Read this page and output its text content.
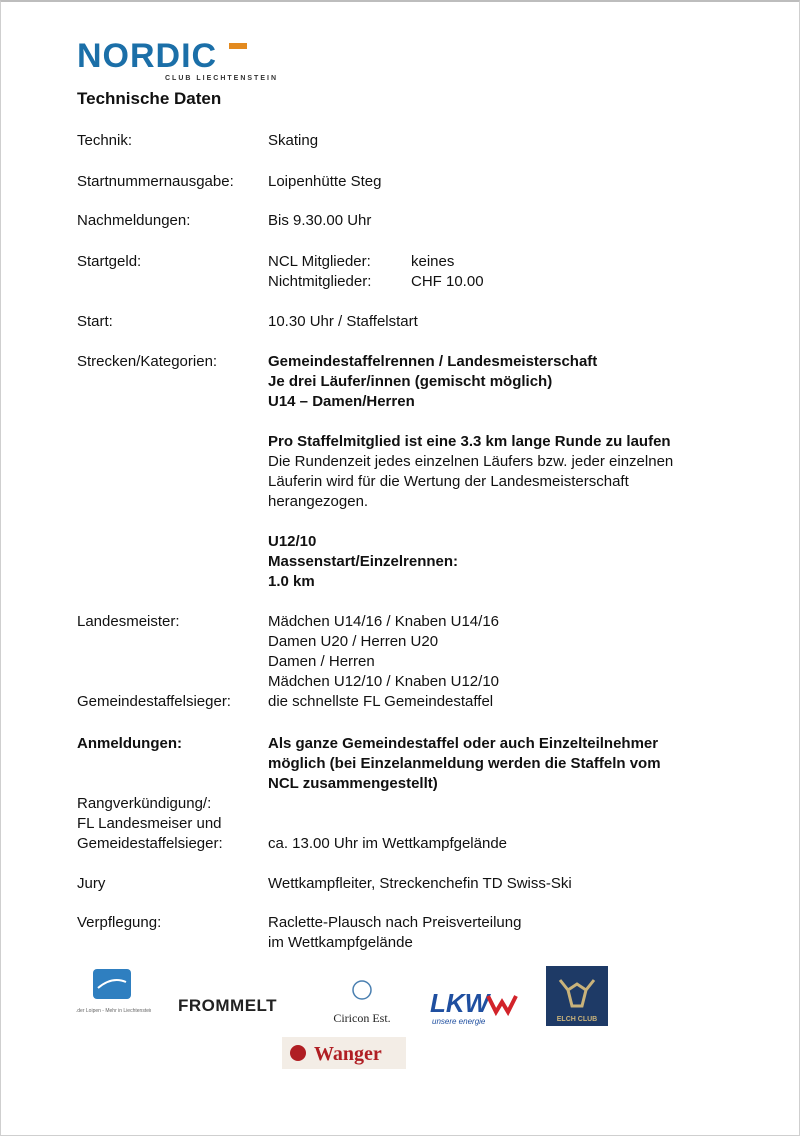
NORDIC
CLUB LIECHTENSTEIN
Technische Daten
Technik:	Skating
Startnummernausgabe:	Loipenhütte Steg
Nachmeldungen:	Bis 9.30.00 Uhr
Startgeld:	NCL Mitglieder:	keines
Nichtmitglieder:	CHF 10.00
Start:	10.30 Uhr / Staffelstart
Strecken/Kategorien:	Gemeindestaffelrennen / Landesmeisterschaft
Je drei Läufer/innen (gemischt möglich)
U14 – Damen/Herren
Pro Staffelmitglied ist eine 3.3 km lange Runde zu laufen
Die Rundenzeit jedes einzelnen Läufers bzw. jeder einzelnen
Läuferin wird für die Wertung der Landesmeisterschaft
herangezogen.
U12/10
Massenstart/Einzelrennen:
1.0 km
Landesmeister:	Mädchen U14/16 / Knaben U14/16
Damen U20 / Herren U20
Damen / Herren
Mädchen U12/10 / Knaben U12/10
Gemeindestaffelsieger:	die schnellste FL Gemeindestaffel
Anmeldungen:	Als ganze Gemeindestaffel oder auch Einzelteilnehmer
möglich (bei Einzelanmeldung werden die Staffeln vom
NCL zusammengestellt)
Rangverkündigung/:
FL Landesmeiser und
Gemeidestaffelsieger:	ca. 13.00 Uhr im Wettkampfgelände
Jury	Wettkampfleiter, Streckenchefin TD Swiss-Ski
Verpflegung:	Raclette-Plausch nach Preisverteilung
im Wettkampfgelände
...der Loipen - Mehr in Liechtenstein FROMMELT
Ciricon Est. LKW
unsere energie	ELCH CLUB
Wanger
